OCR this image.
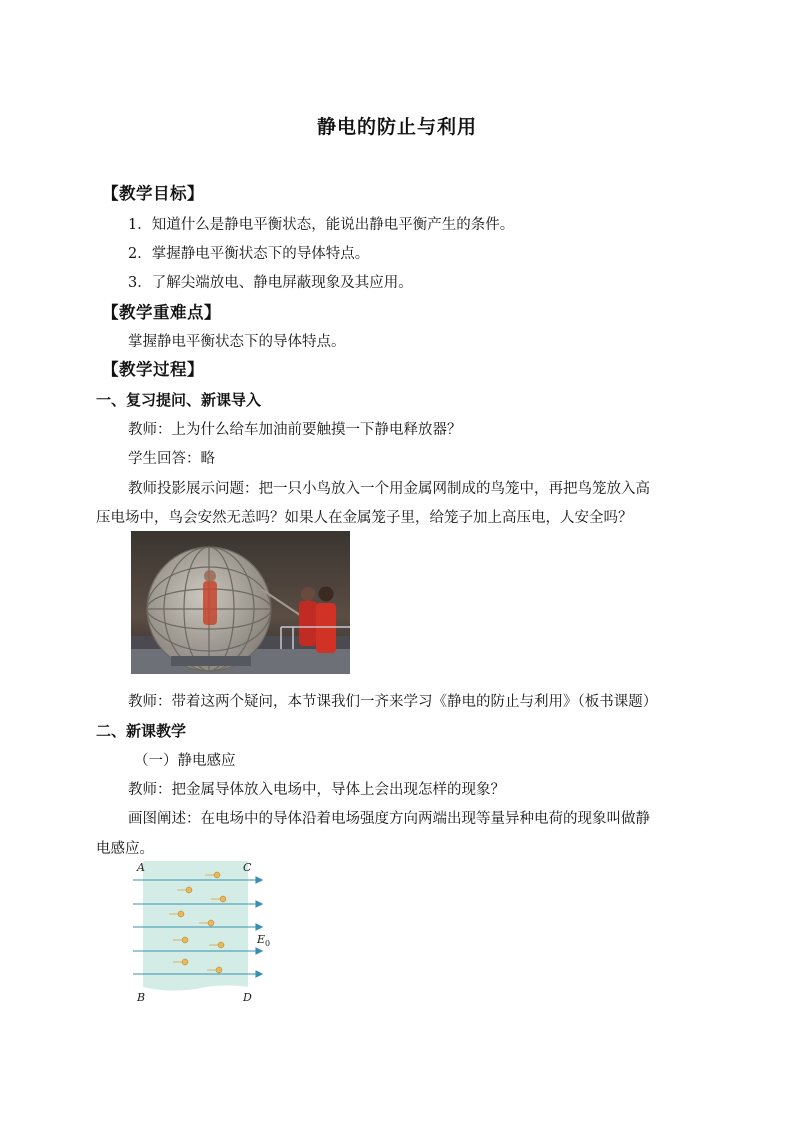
静电的防止与利用
【教学目标】
1．知道什么是静电平衡状态，能说出静电平衡产生的条件。
2．掌握静电平衡状态下的导体特点。
3．了解尖端放电、静电屏蔽现象及其应用。
【教学重难点】
掌握静电平衡状态下的导体特点。
【教学过程】
一、复习提问、新课导入
教师：上为什么给车加油前要触摸一下静电释放器？
学生回答：略
教师投影展示问题：把一只小鸟放入一个用金属网制成的鸟笼中，再把鸟笼放入高
压电场中，鸟会安然无恙吗？如果人在金属笼子里，给笼子加上高压电，人安全吗？
教师：带着这两个疑问，本节课我们一齐来学习《静电的防止与利用》（板书课题）
二、新课教学
（一）静电感应
教师：把金属导体放入电场中，导体上会出现怎样的现象？
画图阐述：在电场中的导体沿着电场强度方向两端出现等量异种电荷的现象叫做静
电感应。
A	C
B	D
E 0
